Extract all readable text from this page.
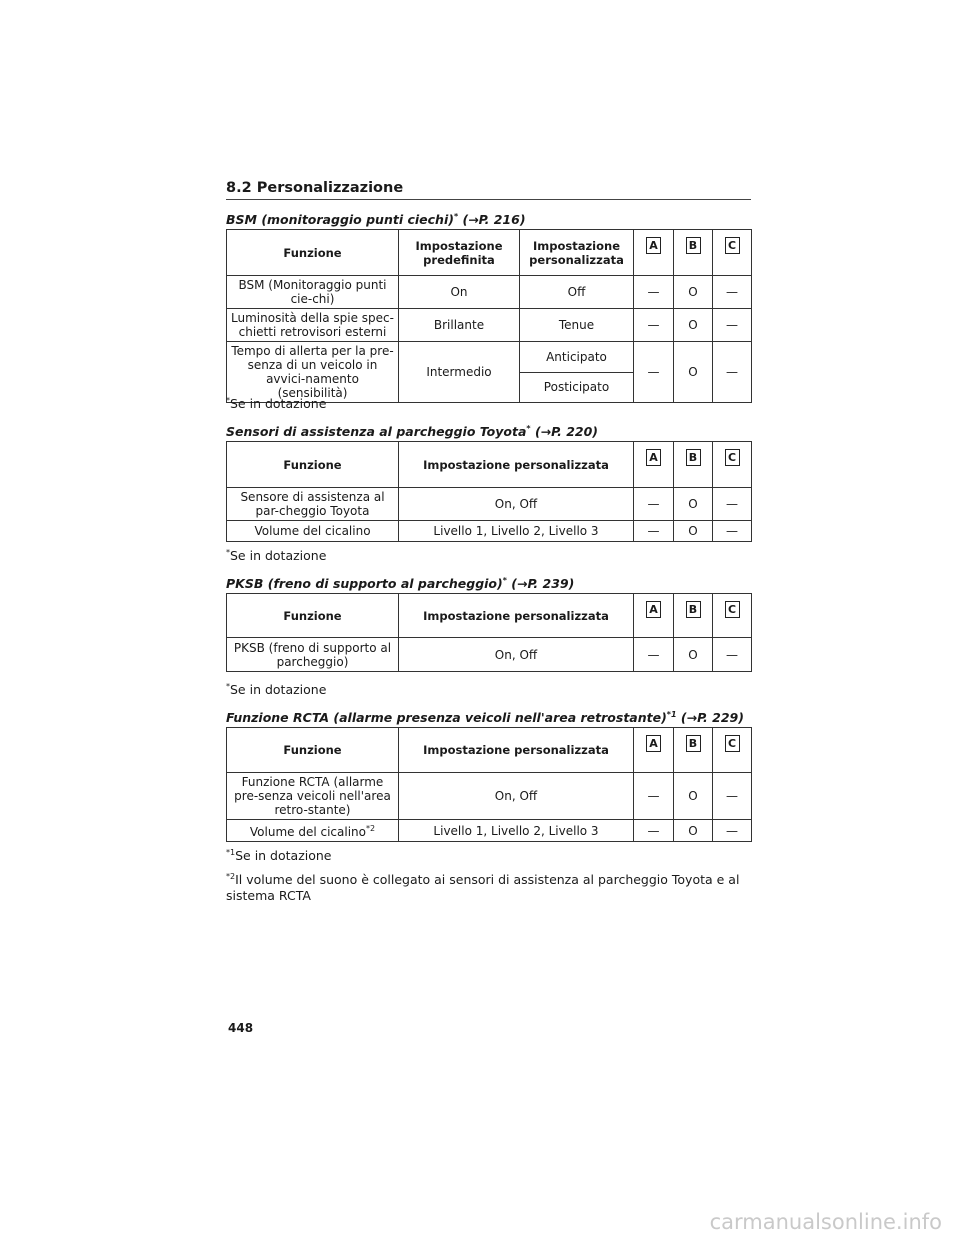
8.2 Personalizzazione
BSM (monitoraggio punti ciechi)* (→P. 216)
Funzione	Impostazione predefinita	Impostazione personalizzata	A	B	C
BSM (Monitoraggio punti cie-chi)	On	Off	—	O	—
Luminosità della spie spec-chietti retrovisori esterni	Brillante	Tenue	—	O	—
Tempo di allerta per la pre-senza di un veicolo in avvici-namento (sensibilità)	Intermedio	Anticipato	—	O	—
		Posticipato			
*Se in dotazione
Sensori di assistenza al parcheggio Toyota* (→P. 220)
Funzione	Impostazione personalizzata	A	B	C
Sensore di assistenza al par-cheggio Toyota	On, Off	—	O	—
Volume del cicalino	Livello 1, Livello 2, Livello 3	—	O	—
*Se in dotazione
PKSB (freno di supporto al parcheggio)* (→P. 239)
Funzione	Impostazione personalizzata	A	B	C
PKSB (freno di supporto al parcheggio)	On, Off	—	O	—
*Se in dotazione
Funzione RCTA (allarme presenza veicoli nell'area retrostante)$^{*1}$ (→P. 229)
Funzione	Impostazione personalizzata	A	B	C
Funzione RCTA (allarme pre-senza veicoli nell'area retro-stante)	On, Off	—	O	—
Volume del cicalino$^{*2}$	Livello 1, Livello 2, Livello 3	—	O	—
$^{*1}$Se in dotazione
$^{*2}$Il volume del suono è collegato ai sensori di assistenza al parcheggio Toyota e al sistema RCTA
448
carmanualsonline.info
